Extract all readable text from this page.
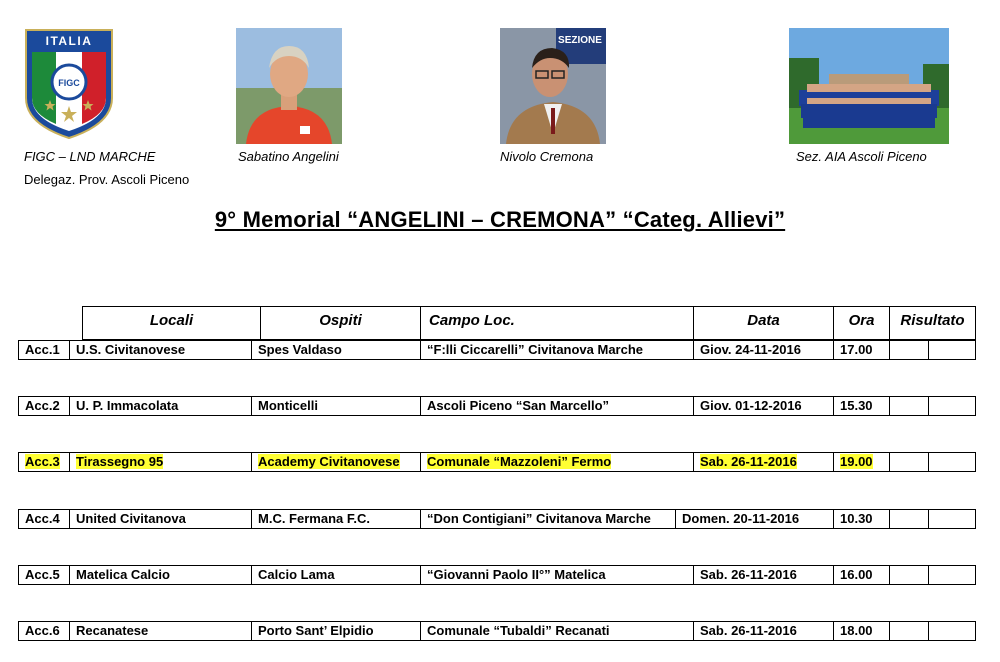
FIGC
ITALIA	SEZIONE
FIGC – LND MARCHE
Delegaz. Prov. Ascoli Piceno
Sabatino Angelini	Nivolo Cremona	Sez. AIA Ascoli Piceno
9° Memorial “ANGELINI – CREMONA” “Categ. Allievi”
Locali	Ospiti	Campo Loc.	Data	Ora	Risultato
Acc.1	U.S. Civitanovese	Spes Valdaso	“F:lli Ciccarelli” Civitanova Marche	Giov. 24-11-2016	17.00
Acc.2	U. P. Immacolata	Monticelli	Ascoli Piceno “San Marcello”	Giov. 01-12-2016	15.30
Acc.3	Tirassegno 95	Academy Civitanovese	Comunale “Mazzoleni” Fermo	Sab. 26-11-2016	19.00
Acc.4	United Civitanova	M.C. Fermana F.C.	“Don Contigiani” Civitanova Marche	Domen. 20-11-2016	10.30
Acc.5	Matelica Calcio	Calcio Lama	“Giovanni Paolo II°” Matelica	Sab. 26-11-2016	16.00
Acc.6	Recanatese	Porto Sant’ Elpidio	Comunale “Tubaldi” Recanati	Sab. 26-11-2016	18.00
